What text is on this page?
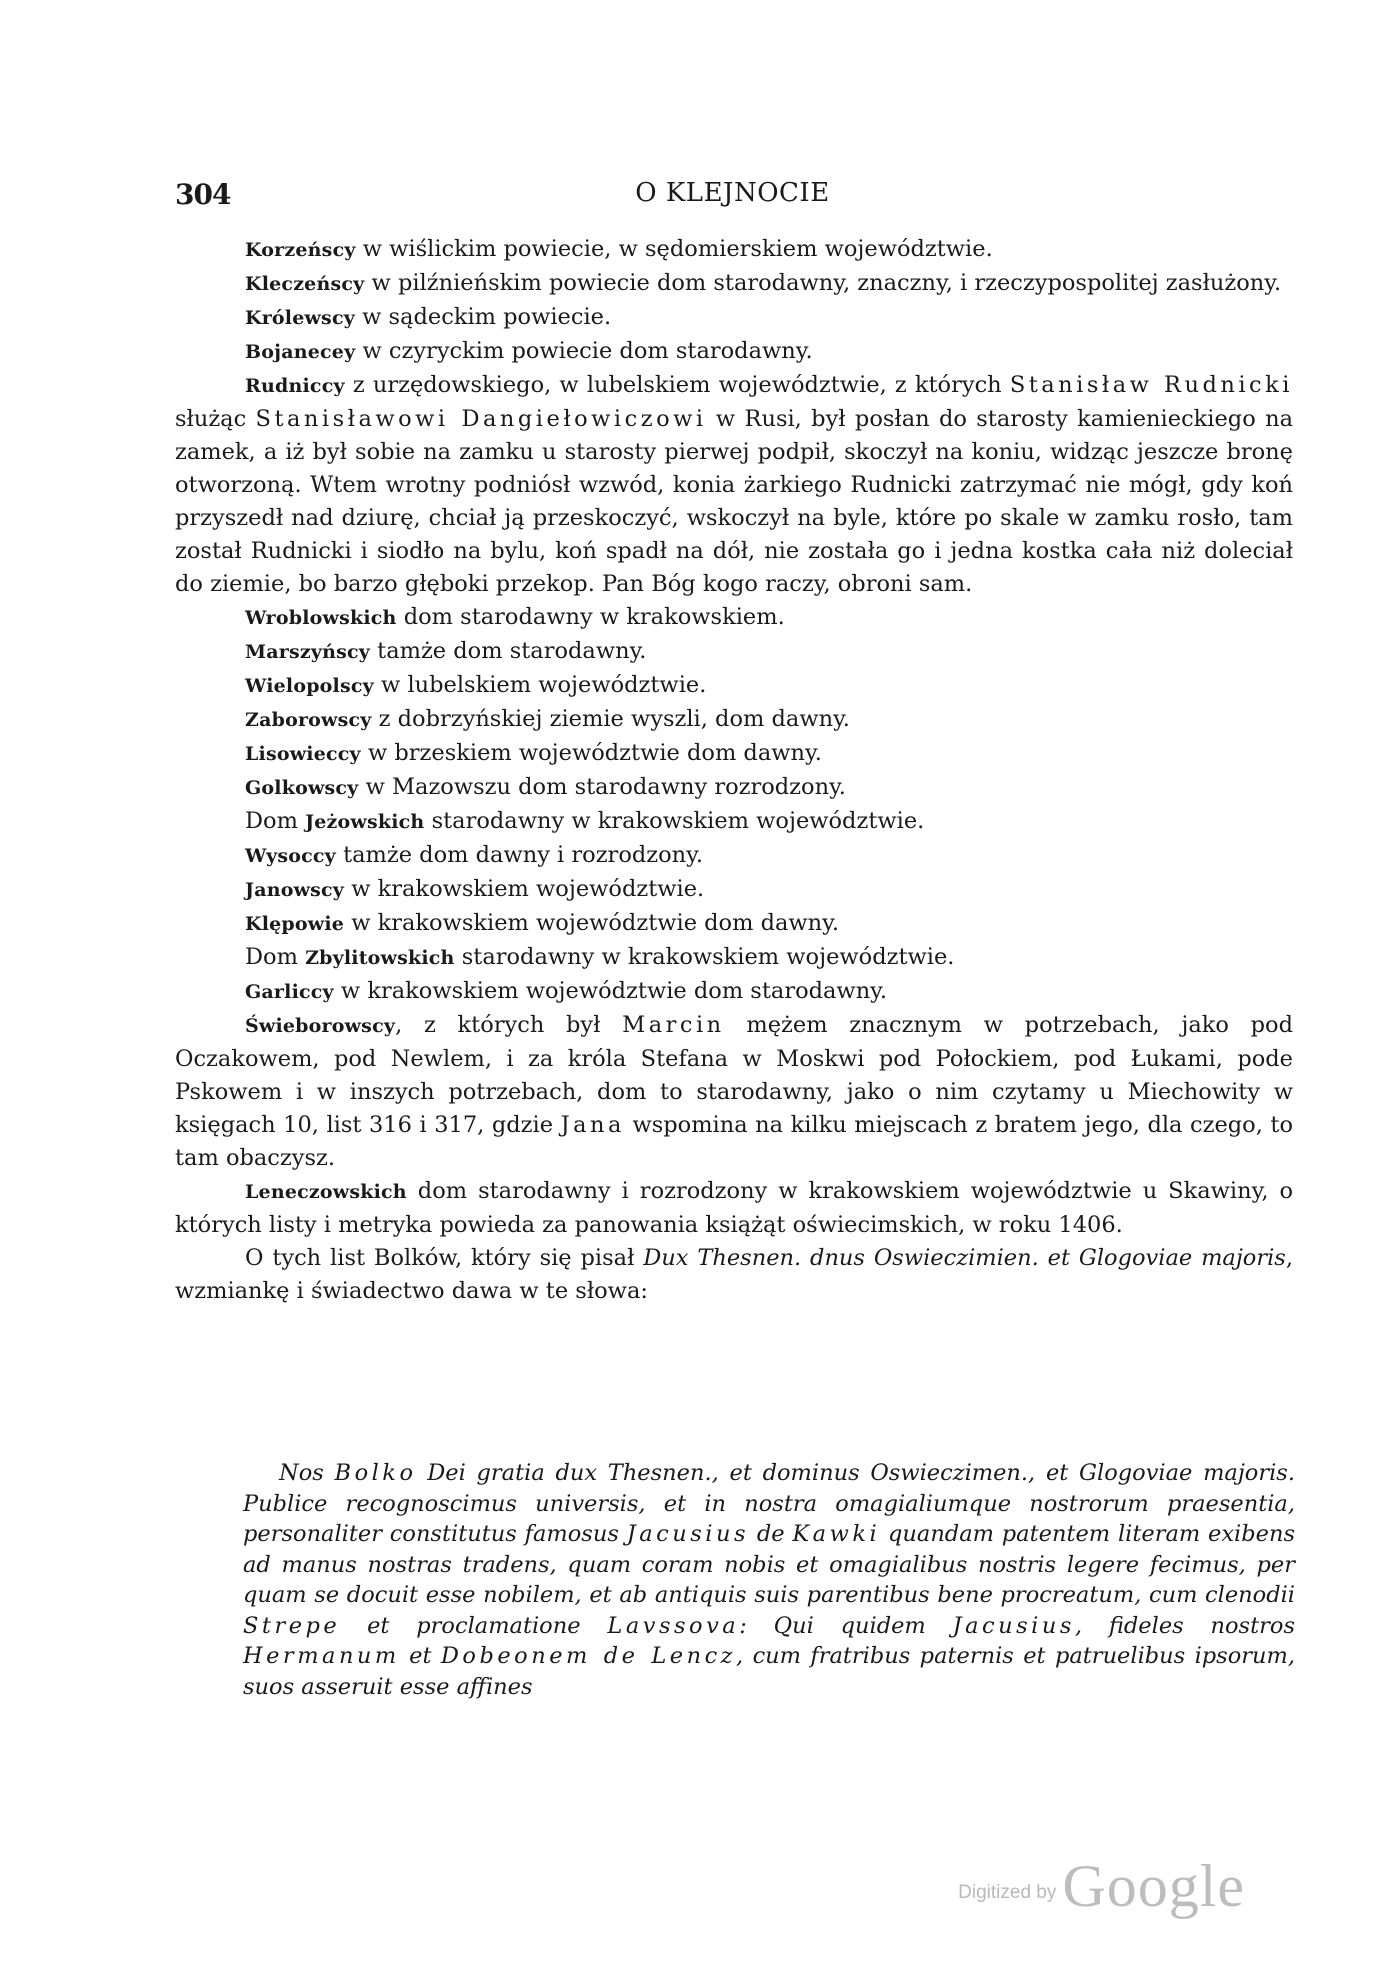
304	O KLEJNOCIE

Korzeńscy w wiślickim powiecie, w sędomierskiem województwie.

Kleczeńscy w pilźnieńskim powiecie dom starodawny, znaczny, i rzeczypospolitej zasłużony.

Królewscy w sądeckim powiecie.

Bojanecey w czyryckim powiecie dom starodawny.

Rudniccy z urzędowskiego, w lubelskiem województwie, z których Stanisław Rudnicki służąc Stanisławowi Dangiełowiczowi w Rusi, był posłan do starosty kamienieckiego na zamek, a iż był sobie na zamku u starosty pierwej podpił, skoczył na koniu, widząc jeszcze bronę otworzoną. Wtem wrotny podniósł wzwód, konia żarkiego Rudnicki zatrzymać nie mógł, gdy koń przyszedł nad dziurę, chciał ją przeskoczyć, wskoczył na byle, które po skale w zamku rosło, tam został Rudnicki i siodło na bylu, koń spadł na dół, nie została go i jedna kostka cała niż doleciał do ziemie, bo barzo głęboki przekop. Pan Bóg kogo raczy, obroni sam.

Wroblowskich dom starodawny w krakowskiem.

Marszyńscy tamże dom starodawny.

Wielopolscy w lubelskiem województwie.

Zaborowscy z dobrzyńskiej ziemie wyszli, dom dawny.

Lisowieccy w brzeskiem województwie dom dawny.

Golkowscy w Mazowszu dom starodawny rozrodzony.

Dom Jeżowskich starodawny w krakowskiem województwie.

Wysoccy tamże dom dawny i rozrodzony.

Janowscy w krakowskiem województwie.

Klępowie w krakowskiem województwie dom dawny.

Dom Zbylitowskich starodawny w krakowskiem województwie.

Garliccy w krakowskiem województwie dom starodawny.

Świeborowscy, z których był Marcin mężem znacznym w potrzebach, jako pod Oczakowem, pod Newlem, i za króla Stefana w Moskwi pod Połockiem, pod Łukami, pode Pskowem i w inszych potrzebach, dom to starodawny, jako o nim czytamy u Miechowity w księgach 10, list 316 i 317, gdzie Jana wspomina na kilku miejscach z bratem jego, dla czego, to tam obaczysz.

Leneczowskich dom starodawny i rozrodzony w krakowskiem województwie u Skawiny, o których listy i metryka powieda za panowania książąt oświecimskich, w roku 1406.

O tych list Bolków, który się pisał Dux Thesnen. dnus Oswieczimien. et Glogoviae majoris, wzmiankę i świadectwo dawa w te słowa:

Nos Bolko Dei gratia dux Thesnen., et dominus Oswieczimen., et Glogoviae majoris. Publice recognoscimus universis, et in nostra omagialiumque nostrorum praesentia, personaliter constitutus famosus Jacusius de Kawki quandam patentem literam exibens ad manus nostras tradens, quam coram nobis et omagialibus nostris legere fecimus, per quam se docuit esse nobilem, et ab antiquis suis parentibus bene procreatum, cum clenodii Strepe et proclamatione Lavssova: Qui quidem Jacusius, fideles nostros Hermanum et Dobeonem de Lencz, cum fratribus paternis et patruelibus ipsorum, suos asseruit esse affines

Digitized by Google
